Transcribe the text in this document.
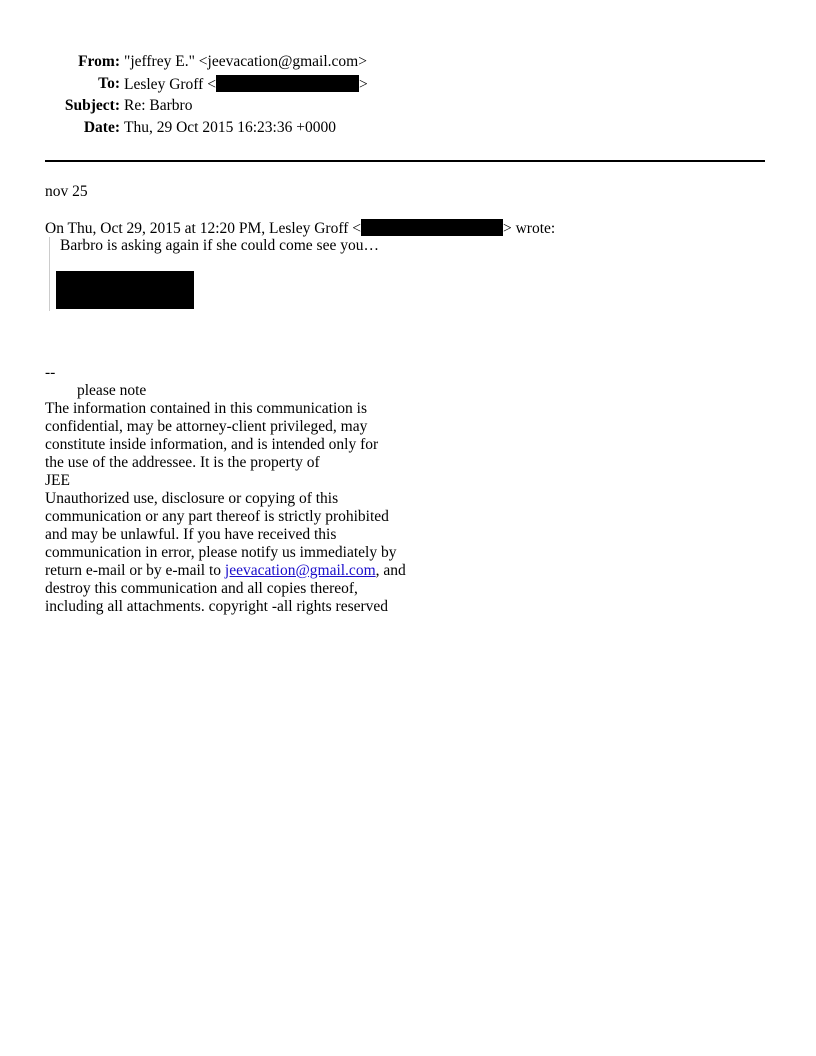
From: "jeffrey E." <jeevacation@gmail.com>
To: Lesley Groff <	>
Subject: Re: Barbro
Date: Thu, 29 Oct 2015 16:23:36 +0000
nov 25
On Thu, Oct 29, 2015 at 12:20 PM, Lesley Groff <	> wrote:
Barbro is asking again if she could come see you…
--
please note
The information contained in this communication is
confidential, may be attorney-client privileged, may
constitute inside information, and is intended only for
the use of the addressee. It is the property of
JEE
Unauthorized use, disclosure or copying of this
communication or any part thereof is strictly prohibited
and may be unlawful. If you have received this
communication in error, please notify us immediately by
return e-mail or by e-mail to jeevacation@gmail.com, and
destroy this communication and all copies thereof,
including all attachments. copyright -all rights reserved
